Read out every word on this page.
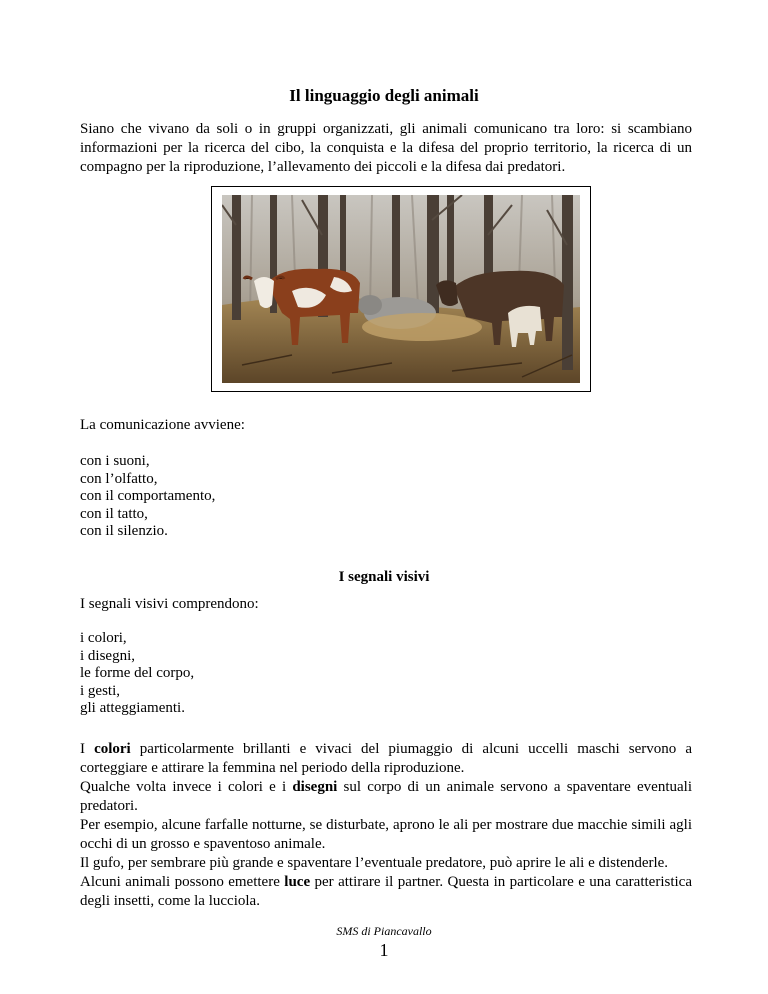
Il linguaggio degli animali
Siano che vivano da soli o in gruppi organizzati, gli animali comunicano tra loro: si scambiano informazioni per la ricerca del cibo, la conquista e la difesa del proprio territorio, la ricerca di un compagno per la riproduzione, l’allevamento dei piccoli e la difesa dai predatori.
La comunicazione avviene:
con i suoni,
con l’olfatto,
con il comportamento,
con il tatto,
con il silenzio.
I segnali visivi
I segnali visivi comprendono:
i colori,
i disegni,
le forme del corpo,
i gesti,
gli atteggiamenti.
I colori particolarmente brillanti e vivaci del piumaggio di alcuni uccelli maschi servono a corteggiare e attirare la femmina nel periodo della riproduzione.
Qualche volta invece i colori e i disegni sul corpo di un animale servono a spaventare eventuali predatori.
Per esempio, alcune farfalle notturne, se disturbate, aprono le ali per mostrare due macchie simili agli occhi di un grosso e spaventoso animale.
Il gufo, per sembrare più grande e spaventare l’eventuale predatore, può aprire le ali e distenderle.
Alcuni animali possono emettere luce per attirare il partner. Questa in particolare e una caratteristica degli insetti, come la lucciola.
SMS di Piancavallo
1
